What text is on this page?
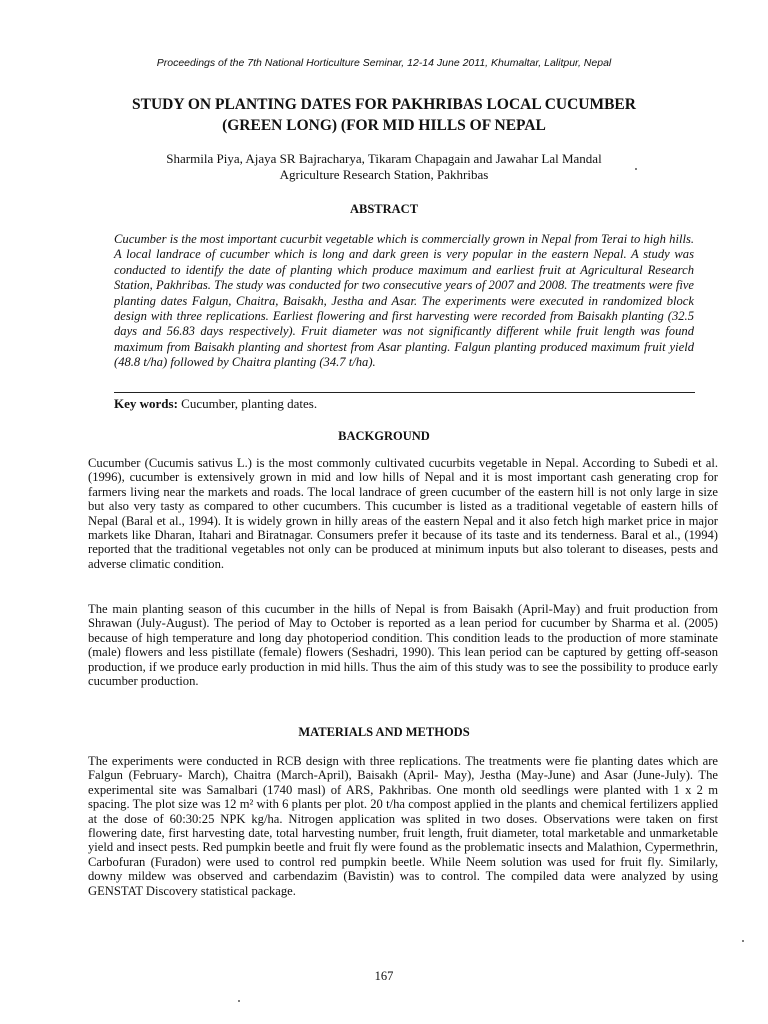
Proceedings of the 7th National Horticulture Seminar, 12-14 June 2011, Khumaltar, Lalitpur, Nepal
STUDY ON PLANTING DATES FOR PAKHRIBAS LOCAL CUCUMBER
(GREEN LONG) (FOR MID HILLS OF NEPAL
Sharmila Piya, Ajaya SR Bajracharya, Tikaram Chapagain and Jawahar Lal Mandal
Agriculture Research Station, Pakhribas
ABSTRACT
Cucumber is the most important cucurbit vegetable which is commercially grown in Nepal from Terai to high hills. A local landrace of cucumber which is long and dark green is very popular in the eastern Nepal. A study was conducted to identify the date of planting which produce maximum and earliest fruit at Agricultural Research Station, Pakhribas. The study was conducted for two consecutive years of 2007 and 2008. The treatments were five planting dates Falgun, Chaitra, Baisakh, Jestha and Asar. The experiments were executed in randomized block design with three replications. Earliest flowering and first harvesting were recorded from Baisakh planting (32.5 days and 56.83 days respectively). Fruit diameter was not significantly different while fruit length was found maximum from Baisakh planting and shortest from Asar planting. Falgun planting produced maximum fruit yield (48.8 t/ha) followed by Chaitra planting (34.7 t/ha).
Key words: Cucumber, planting dates.
BACKGROUND
Cucumber (Cucumis sativus L.) is the most commonly cultivated cucurbits vegetable in Nepal. According to Subedi et al. (1996), cucumber is extensively grown in mid and low hills of Nepal and it is most important cash generating crop for farmers living near the markets and roads. The local landrace of green cucumber of the eastern hill is not only large in size but also very tasty as compared to other cucumbers. This cucumber is listed as a traditional vegetable of eastern hills of Nepal (Baral et al., 1994). It is widely grown in hilly areas of the eastern Nepal and it also fetch high market price in major markets like Dharan, Itahari and Biratnagar. Consumers prefer it because of its taste and its tenderness. Baral et al., (1994) reported that the traditional vegetables not only can be produced at minimum inputs but also tolerant to diseases, pests and adverse climatic condition.
The main planting season of this cucumber in the hills of Nepal is from Baisakh (April-May) and fruit production from Shrawan (July-August). The period of May to October is reported as a lean period for cucumber by Sharma et al. (2005) because of high temperature and long day photoperiod condition. This condition leads to the production of more staminate (male) flowers and less pistillate (female) flowers (Seshadri, 1990). This lean period can be captured by getting off-season production, if we produce early production in mid hills. Thus the aim of this study was to see the possibility to produce early cucumber production.
MATERIALS AND METHODS
The experiments were conducted in RCB design with three replications. The treatments were fie planting dates which are Falgun (February- March), Chaitra (March-April), Baisakh (April- May), Jestha (May-June) and Asar (June-July). The experimental site was Samalbari (1740 masl) of ARS, Pakhribas. One month old seedlings were planted with 1 x 2 m spacing. The plot size was 12 m² with 6 plants per plot. 20 t/ha compost applied in the plants and chemical fertilizers applied at the dose of 60:30:25 NPK kg/ha. Nitrogen application was splited in two doses. Observations were taken on first flowering date, first harvesting date, total harvesting number, fruit length, fruit diameter, total marketable and unmarketable yield and insect pests. Red pumpkin beetle and fruit fly were found as the problematic insects and Malathion, Cypermethrin, Carbofuran (Furadon) were used to control red pumpkin beetle. While Neem solution was used for fruit fly. Similarly, downy mildew was observed and carbendazim (Bavistin) was to control. The compiled data were analyzed by using GENSTAT Discovery statistical package.
167
